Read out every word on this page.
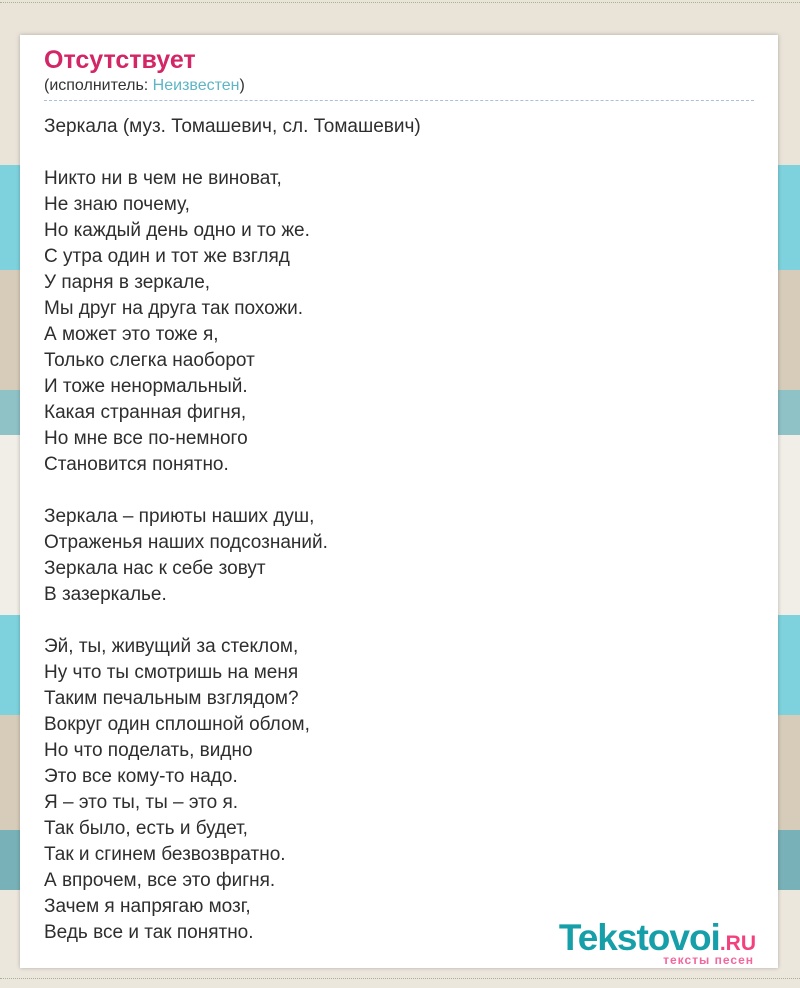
Отсутствует
(исполнитель: Неизвестен)
Зеркала (муз. Томашевич, сл. Томашевич)

Никто ни в чем не виноват,
Не знаю почему,
Но каждый день одно и то же.
С утра один и тот же взгляд
У парня в зеркале,
Мы друг на друга так похожи.
А может это тоже я,
Только слегка наоборот
И тоже ненормальный.
Какая странная фигня,
Но мне все по-немного
Становится понятно.

Зеркала – приюты наших душ,
Отраженья наших подсознаний.
Зеркала нас к себе зовут
В зазеркалье.

Эй, ты, живущий за стеклом,
Ну что ты смотришь на меня
Таким печальным взглядом?
Вокруг один сплошной облом,
Но что поделать, видно
Это все кому-то надо.
Я – это ты, ты – это я.
Так было, есть и будет,
Так и сгинем безвозвратно.
А впрочем, все это фигня.
Зачем я напрягаю мозг,
Ведь все и так понятно.	Tekstovoi.RU
тексты песен
